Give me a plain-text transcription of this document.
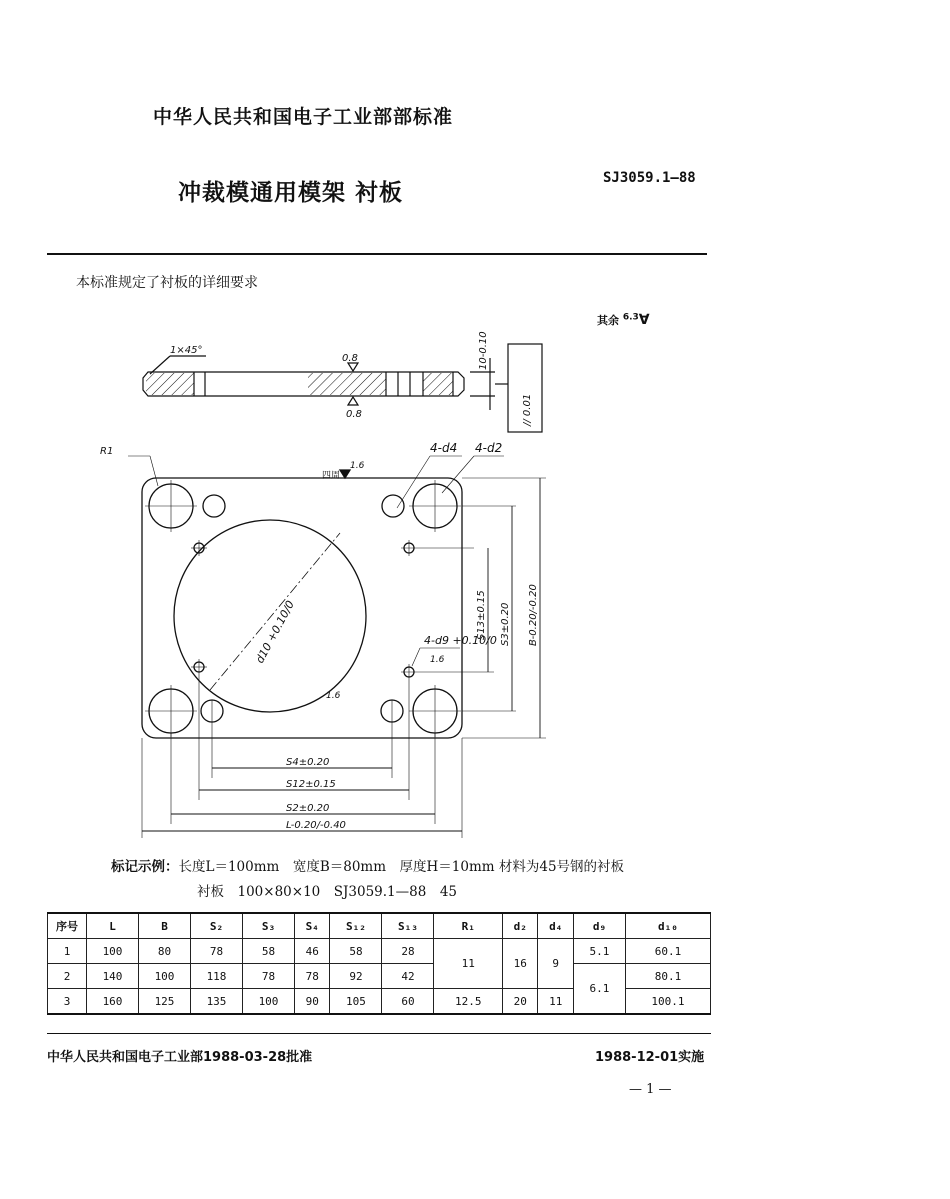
中华人民共和国电子工业部部标准
冲裁模通用模架 衬板
SJ3059.1—88
本标准规定了衬板的详细要求
其余 $^{6.3}$∀
1×45°
0.8
0.8
10-0.10
// 0.01
R1	4-d4 4-d2
四周
1.6
d10 +0.10/0	4-d9 +0.10/0
1.6
1.6
S13±0.15 S3±0.20 B-0.20/-0.20
S4±0.20
S12±0.15
S2±0.20
L-0.20/-0.40
标记示例：长度L＝100mm　宽度B＝80mm　厚度H＝10mm 材料为45号钢的衬板
衬板　100×80×10　SJ3059.1—88　45
序号	L	B	S₂	S₃	S₄	S₁₂	S₁₃	R₁	d₂	d₄	d₉	d₁₀
1	100	80	78	58	46	58	28	11	16	9	5.1	60.1
2	140	100	118	78	78	92	42				6.1	80.1
3	160	125	135	100	90	105	60	12.5	20	11		100.1
中华人民共和国电子工业部1988-03-28批准	1988-12-01实施
— 1 —
